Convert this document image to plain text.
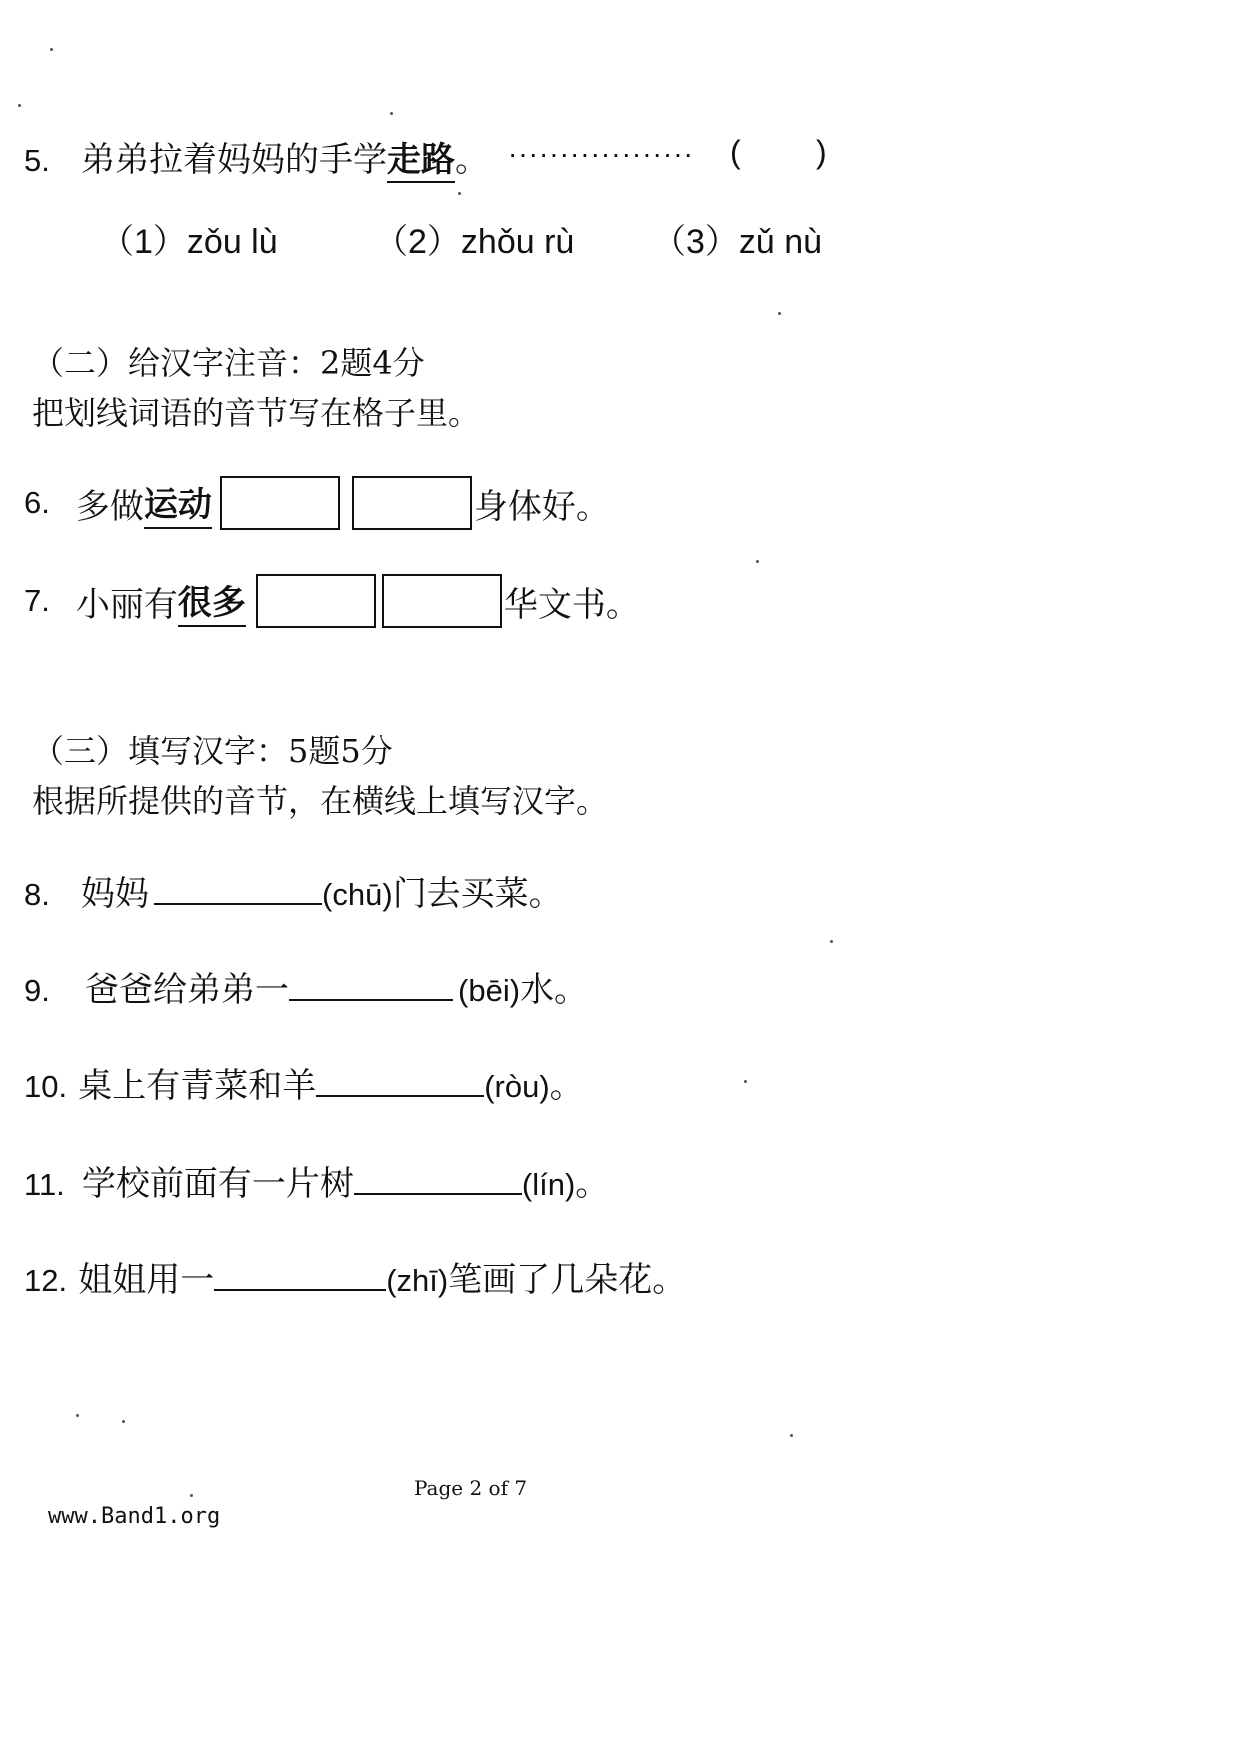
5. 弟弟拉着妈妈的手学走路。 ·················· ( )
（1）zǒu lù	（2）zhǒu rù （3）zǔ nù
（二）给汉字注音：2题4分
把划线词语的音节写在格子里。
6. 多做 运动	身体好。
7. 小丽有 很多	华文书。
（三）填写汉字：5题5分
根据所提供的音节，在横线上填写汉字。
8. 妈妈	(chū)门去买菜。
9. 爸爸给弟弟一	(bēi)水。
10. 桌上有青菜和羊	(ròu)。
11. 学校前面有一片树	(lín)。
12. 姐姐用一	(zhī)笔画了几朵花。
Page 2 of 7
www.Band1.org
